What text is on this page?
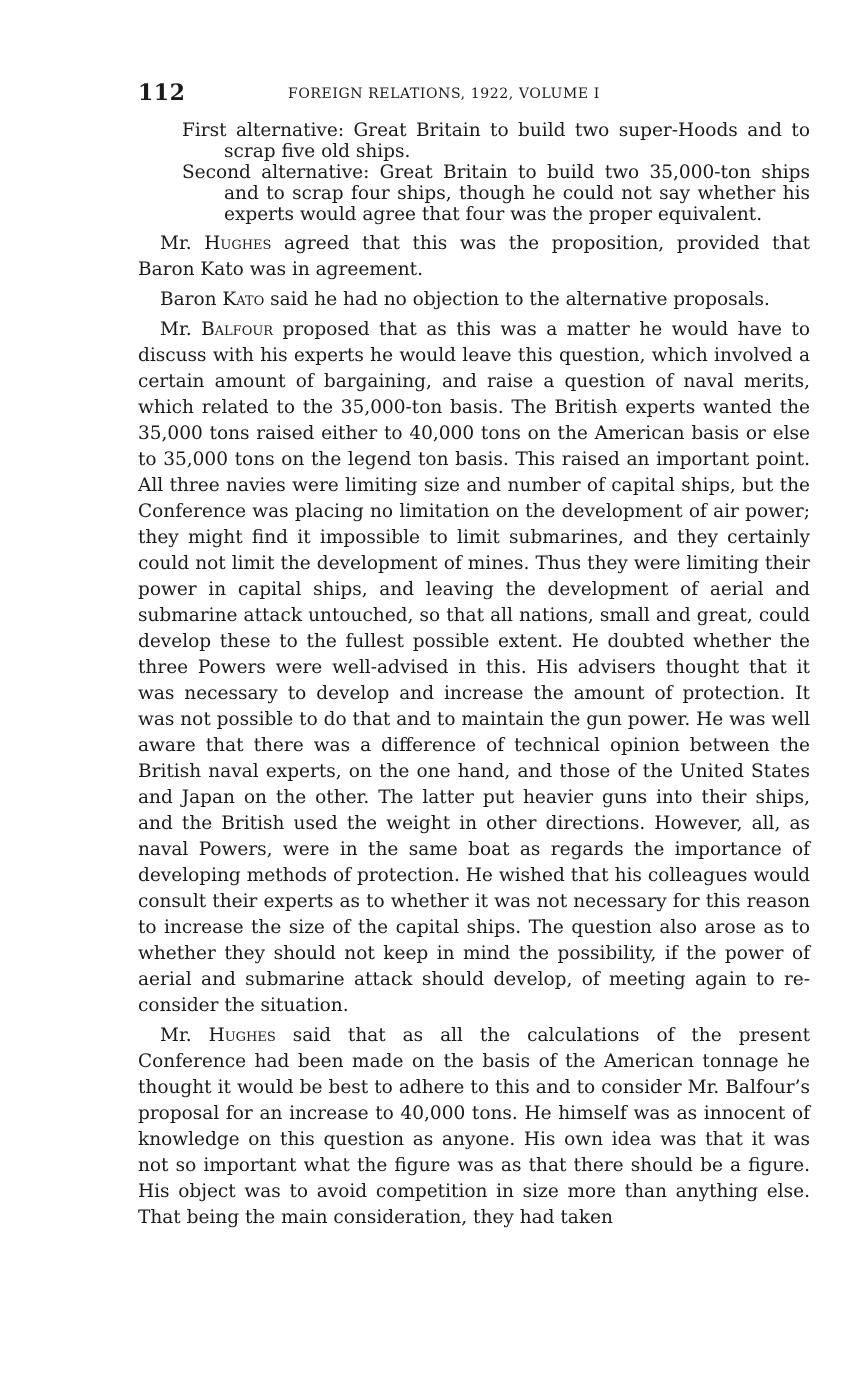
112	FOREIGN RELATIONS, 1922, VOLUME I
First alternative: Great Britain to build two super-Hoods and to scrap five old ships.
Second alternative: Great Britain to build two 35,000-ton ships and to scrap four ships, though he could not say whether his experts would agree that four was the proper equivalent.

Mr. Hughes agreed that this was the proposition, provided that Baron Kato was in agreement.

Baron Kato said he had no objection to the alternative proposals.

Mr. Balfour proposed that as this was a matter he would have to discuss with his experts he would leave this question, which involved a certain amount of bargaining, and raise a question of naval merits, which related to the 35,000-ton basis. The British experts wanted the 35,000 tons raised either to 40,000 tons on the American basis or else to 35,000 tons on the legend ton basis. This raised an important point. All three navies were limiting size and number of capital ships, but the Conference was placing no limitation on the development of air power; they might find it impossible to limit submarines, and they certainly could not limit the development of mines. Thus they were limiting their power in capital ships, and leaving the development of aerial and submarine attack untouched, so that all nations, small and great, could develop these to the fullest possible extent. He doubted whether the three Powers were well-advised in this. His advisers thought that it was necessary to develop and increase the amount of protection. It was not possible to do that and to maintain the gun power. He was well aware that there was a difference of technical opinion between the British naval experts, on the one hand, and those of the United States and Japan on the other. The latter put heavier guns into their ships, and the British used the weight in other directions. However, all, as naval Powers, were in the same boat as regards the importance of developing methods of protection. He wished that his colleagues would consult their experts as to whether it was not necessary for this reason to increase the size of the capital ships. The question also arose as to whether they should not keep in mind the possibility, if the power of aerial and submarine attack should develop, of meeting again to re-consider the situation.

Mr. Hughes said that as all the calculations of the present Conference had been made on the basis of the American tonnage he thought it would be best to adhere to this and to consider Mr. Balfour’s proposal for an increase to 40,000 tons. He himself was as innocent of knowledge on this question as anyone. His own idea was that it was not so important what the figure was as that there should be a figure. His object was to avoid competition in size more than anything else. That being the main consideration, they had taken
